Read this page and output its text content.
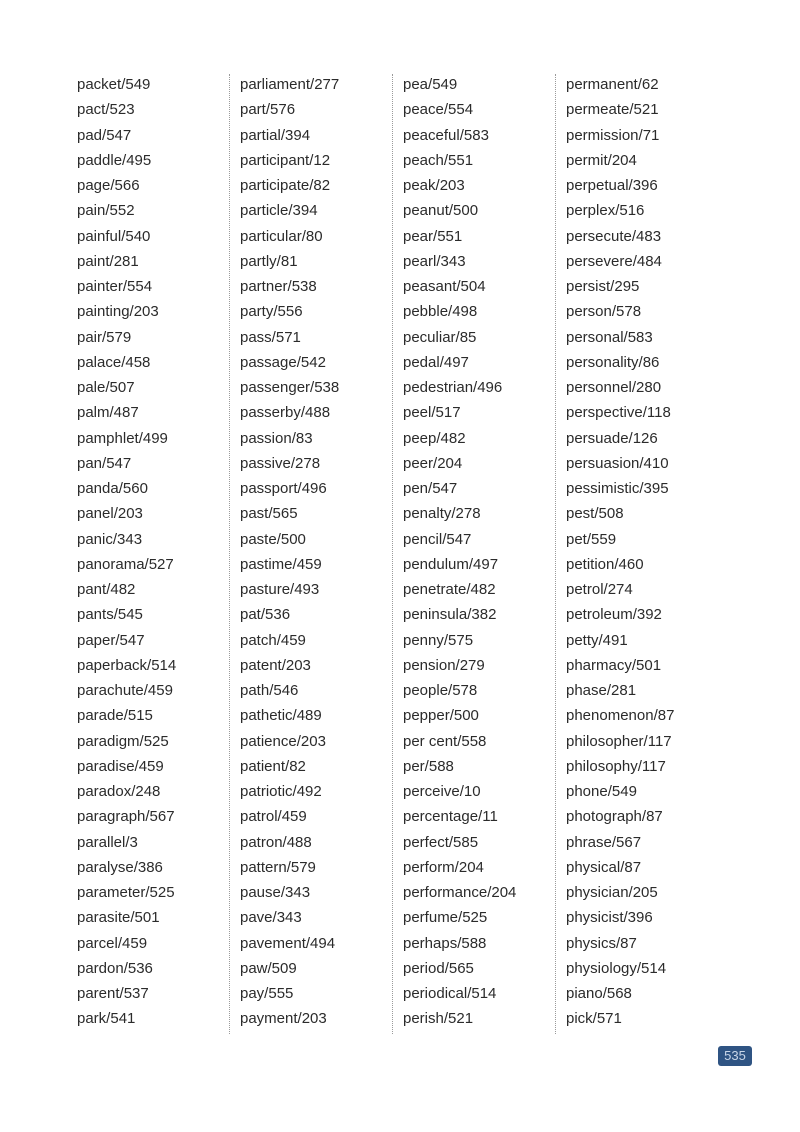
packet/549
pact/523
pad/547
paddle/495
page/566
pain/552
painful/540
paint/281
painter/554
painting/203
pair/579
palace/458
pale/507
palm/487
pamphlet/499
pan/547
panda/560
panel/203
panic/343
panorama/527
pant/482
pants/545
paper/547
paperback/514
parachute/459
parade/515
paradigm/525
paradise/459
paradox/248
paragraph/567
parallel/3
paralyse/386
parameter/525
parasite/501
parcel/459
pardon/536
parent/537
park/541
parliament/277
part/576
partial/394
participant/12
participate/82
particle/394
particular/80
partly/81
partner/538
party/556
pass/571
passage/542
passenger/538
passerby/488
passion/83
passive/278
passport/496
past/565
paste/500
pastime/459
pasture/493
pat/536
patch/459
patent/203
path/546
pathetic/489
patience/203
patient/82
patriotic/492
patrol/459
patron/488
pattern/579
pause/343
pave/343
pavement/494
paw/509
pay/555
payment/203
pea/549
peace/554
peaceful/583
peach/551
peak/203
peanut/500
pear/551
pearl/343
peasant/504
pebble/498
peculiar/85
pedal/497
pedestrian/496
peel/517
peep/482
peer/204
pen/547
penalty/278
pencil/547
pendulum/497
penetrate/482
peninsula/382
penny/575
pension/279
people/578
pepper/500
per cent/558
per/588
perceive/10
percentage/11
perfect/585
perform/204
performance/204
perfume/525
perhaps/588
period/565
periodical/514
perish/521
permanent/62
permeate/521
permission/71
permit/204
perpetual/396
perplex/516
persecute/483
persevere/484
persist/295
person/578
personal/583
personality/86
personnel/280
perspective/118
persuade/126
persuasion/410
pessimistic/395
pest/508
pet/559
petition/460
petrol/274
petroleum/392
petty/491
pharmacy/501
phase/281
phenomenon/87
philosopher/117
philosophy/117
phone/549
photograph/87
phrase/567
physical/87
physician/205
physicist/396
physics/87
physiology/514
piano/568
pick/571
535
